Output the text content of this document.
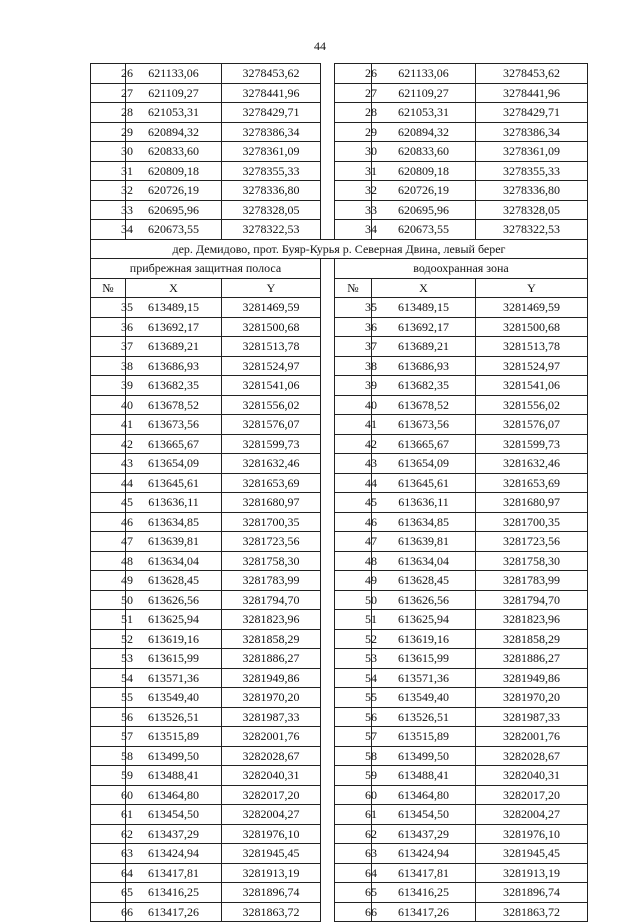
44
26	621133,06	3278453,62		26	621133,06	3278453,62
27	621109,27	3278441,96		27	621109,27	3278441,96
28	621053,31	3278429,71		28	621053,31	3278429,71
29	620894,32	3278386,34		29	620894,32	3278386,34
30	620833,60	3278361,09		30	620833,60	3278361,09
31	620809,18	3278355,33		31	620809,18	3278355,33
32	620726,19	3278336,80		32	620726,19	3278336,80
33	620695,96	3278328,05		33	620695,96	3278328,05
34	620673,55	3278322,53		34	620673,55	3278322,53
дер. Демидово, прот. Буяр-Курья р. Северная Двина, левый берег						
прибрежная защитная полоса				водоохранная зона		
№	X	Y		№	X	Y
35	613489,15	3281469,59		35	613489,15	3281469,59
36	613692,17	3281500,68		36	613692,17	3281500,68
37	613689,21	3281513,78		37	613689,21	3281513,78
38	613686,93	3281524,97		38	613686,93	3281524,97
39	613682,35	3281541,06		39	613682,35	3281541,06
40	613678,52	3281556,02		40	613678,52	3281556,02
41	613673,56	3281576,07		41	613673,56	3281576,07
42	613665,67	3281599,73		42	613665,67	3281599,73
43	613654,09	3281632,46		43	613654,09	3281632,46
44	613645,61	3281653,69		44	613645,61	3281653,69
45	613636,11	3281680,97		45	613636,11	3281680,97
46	613634,85	3281700,35		46	613634,85	3281700,35
47	613639,81	3281723,56		47	613639,81	3281723,56
48	613634,04	3281758,30		48	613634,04	3281758,30
49	613628,45	3281783,99		49	613628,45	3281783,99
50	613626,56	3281794,70		50	613626,56	3281794,70
51	613625,94	3281823,96		51	613625,94	3281823,96
52	613619,16	3281858,29		52	613619,16	3281858,29
53	613615,99	3281886,27		53	613615,99	3281886,27
54	613571,36	3281949,86		54	613571,36	3281949,86
55	613549,40	3281970,20		55	613549,40	3281970,20
56	613526,51	3281987,33		56	613526,51	3281987,33
57	613515,89	3282001,76		57	613515,89	3282001,76
58	613499,50	3282028,67		58	613499,50	3282028,67
59	613488,41	3282040,31		59	613488,41	3282040,31
60	613464,80	3282017,20		60	613464,80	3282017,20
61	613454,50	3282004,27		61	613454,50	3282004,27
62	613437,29	3281976,10		62	613437,29	3281976,10
63	613424,94	3281945,45		63	613424,94	3281945,45
64	613417,81	3281913,19		64	613417,81	3281913,19
65	613416,25	3281896,74		65	613416,25	3281896,74
66	613417,26	3281863,72		66	613417,26	3281863,72
